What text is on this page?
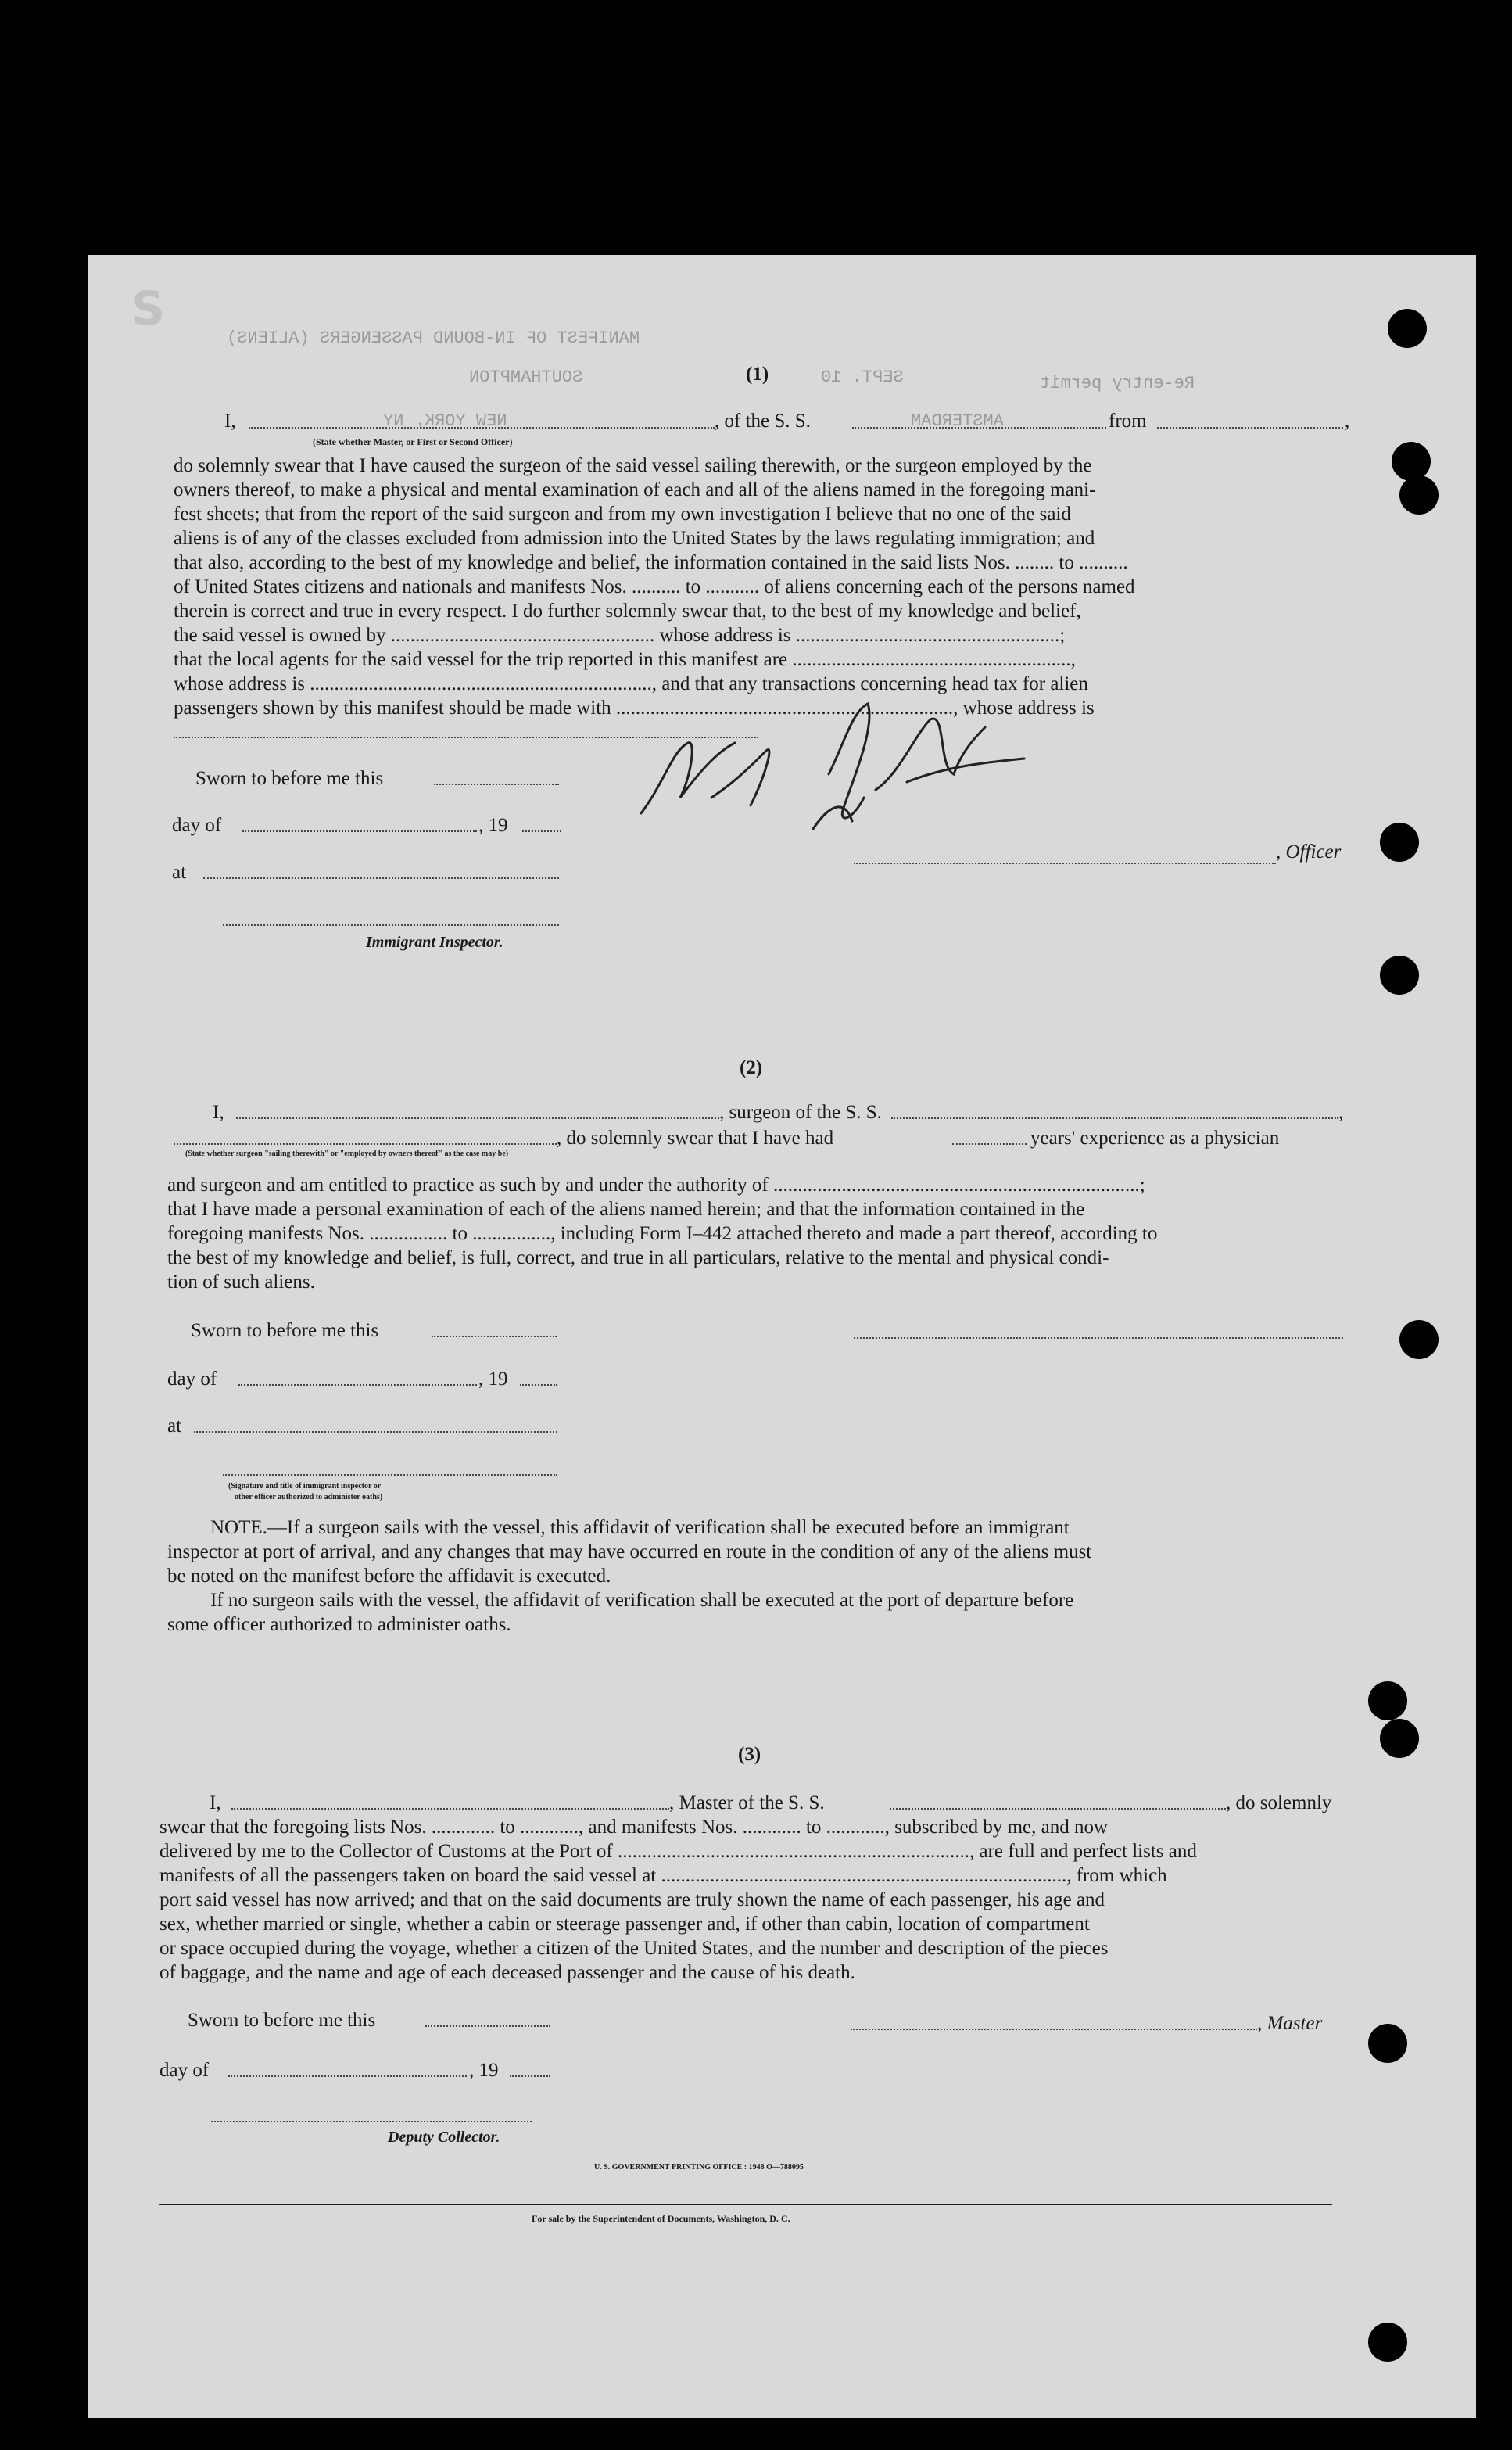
S
MANIFEST OF IN-BOUND PASSENGERS (ALIENS)
SOUTHAMPTON	Re-entry permit
SEPT. 10
NEW YORK, NY	AMSTERDAM
(1)
I,	, of the S. S.	from	,
(State whether Master, or First or Second Officer)
do solemnly swear that I have caused the surgeon of the said vessel sailing therewith, or the surgeon employed by the
owners thereof, to make a physical and mental examination of each and all of the aliens named in the foregoing mani-
fest sheets; that from the report of the said surgeon and from my own investigation I believe that no one of the said
aliens is of any of the classes excluded from admission into the United States by the laws regulating immigration; and
that also, according to the best of my knowledge and belief, the information contained in the said lists Nos. ........ to ..........
of United States citizens and nationals and manifests Nos. .......... to ........... of aliens concerning each of the persons named
therein is correct and true in every respect. I do further solemnly swear that, to the best of my knowledge and belief,
the said vessel is owned by ...................................................... whose address is ......................................................;
that the local agents for the said vessel for the trip reported in this manifest are .........................................................,
whose address is ......................................................................, and that any transactions concerning head tax for alien
passengers shown by this manifest should be made with ....................................................................., whose address is
Sworn to before me this
day of	, 19
at
Immigrant Inspector.
, Officer
(2)
I,	, surgeon of the S. S.	,
, do solemnly swear that I have had	years' experience as a physician
(State whether surgeon "sailing therewith" or "employed by owners thereof" as the case may be)
and surgeon and am entitled to practice as such by and under the authority of ...........................................................................;
that I have made a personal examination of each of the aliens named herein; and that the information contained in the
foregoing manifests Nos. ................ to ................, including Form I–442 attached thereto and made a part thereof, according to
the best of my knowledge and belief, is full, correct, and true in all particulars, relative to the mental and physical condi-
tion of such aliens.
Sworn to before me this
day of	, 19
at
(Signature and title of immigrant inspector or
other officer authorized to administer oaths)
NOTE.—If a surgeon sails with the vessel, this affidavit of verification shall be executed before an immigrant
inspector at port of arrival, and any changes that may have occurred en route in the condition of any of the aliens must
be noted on the manifest before the affidavit is executed.
If no surgeon sails with the vessel, the affidavit of verification shall be executed at the port of departure before
some officer authorized to administer oaths.
(3)
I,	, Master of the S. S.	, do solemnly
swear that the foregoing lists Nos. ............. to ............, and manifests Nos. ............ to ............, subscribed by me, and now
delivered by me to the Collector of Customs at the Port of ........................................................................, are full and perfect lists and
manifests of all the passengers taken on board the said vessel at ..................................................................................., from which
port said vessel has now arrived; and that on the said documents are truly shown the name of each passenger, his age and
sex, whether married or single, whether a cabin or steerage passenger and, if other than cabin, location of compartment
or space occupied during the voyage, whether a citizen of the United States, and the number and description of the pieces
of baggage, and the name and age of each deceased passenger and the cause of his death.
Sworn to before me this	, Master
day of	, 19
Deputy Collector.
U. S. GOVERNMENT PRINTING OFFICE : 1948 O—788095
For sale by the Superintendent of Documents, Washington, D. C.
